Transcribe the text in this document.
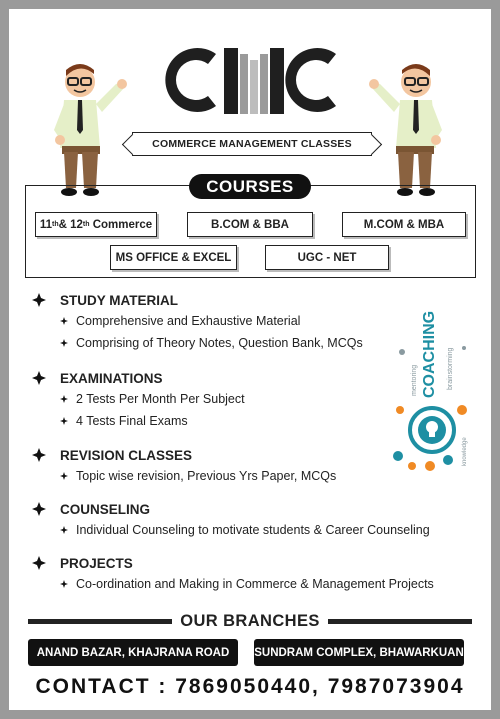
COMMERCE MANAGEMENT CLASSES
COURSES
11 th & 12 th Commerce	B.COM & BBA	M.COM & MBA
MS OFFICE & EXCEL	UGC - NET
STUDY MATERIAL
Comprehensive and Exhaustive Material
Comprising of Theory Notes, Question Bank, MCQs
EXAMINATIONS
2 Tests Per Month Per Subject
4 Tests Final Exams
REVISION CLASSES
Topic wise revision, Previous Yrs Paper, MCQs
COUNSELING
Individual Counseling to motivate students & Career Counseling
PROJECTS
Co-ordination and Making in Commerce & Management Projects
COACHING
mentoring	brainstorming
knowledge
OUR BRANCHES
ANAND BAZAR, KHAJRANA ROAD	SUNDRAM COMPLEX, BHAWARKUAN
CONTACT : 7869050440, 7987073904
